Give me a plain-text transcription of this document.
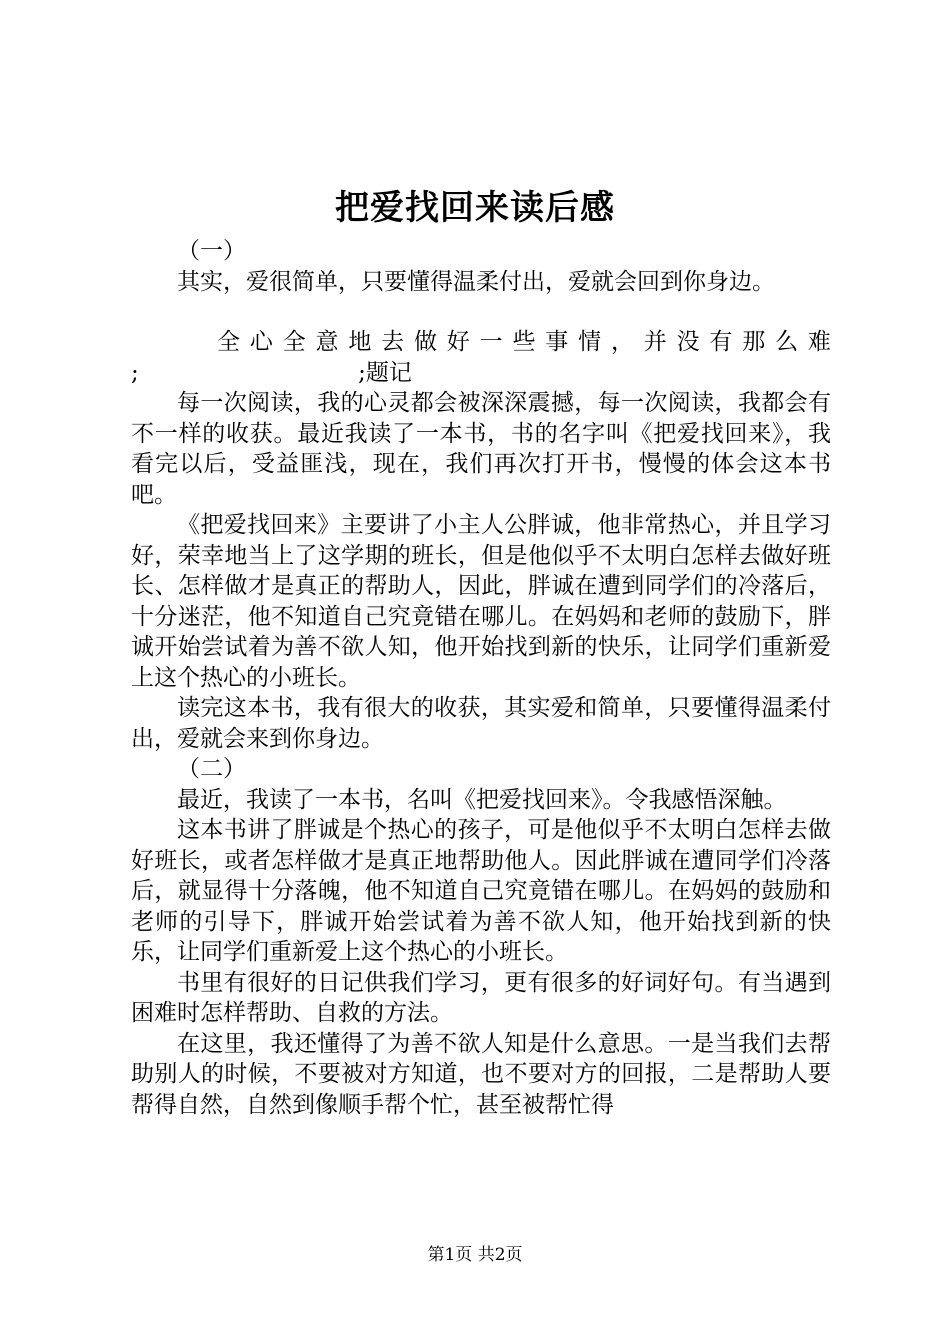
把爱找回来读后感

（一）

其实，爱很简单，只要懂得温柔付出，爱就会回到你身边。

全 心 全 意 地 去 做 好 一 些 事 情 ， 并 没 有 那 么 难

;                              ;题记

每一次阅读，我的心灵都会被深深震撼，每一次阅读，我都会有不一样的收获。最近我读了一本书，书的名字叫《把爱找回来》，我看完以后，受益匪浅，现在，我们再次打开书，慢慢的体会这本书吧。

《把爱找回来》主要讲了小主人公胖诚，他非常热心，并且学习好，荣幸地当上了这学期的班长，但是他似乎不太明白怎样去做好班长、怎样做才是真正的帮助人，因此，胖诚在遭到同学们的冷落后，十分迷茫，他不知道自己究竟错在哪儿。在妈妈和老师的鼓励下，胖诚开始尝试着为善不欲人知，他开始找到新的快乐，让同学们重新爱上这个热心的小班长。

读完这本书，我有很大的收获，其实爱和简单，只要懂得温柔付出，爱就会来到你身边。

（二）

最近，我读了一本书，名叫《把爱找回来》。令我感悟深触。

这本书讲了胖诚是个热心的孩子，可是他似乎不太明白怎样去做好班长，或者怎样做才是真正地帮助他人。因此胖诚在遭同学们冷落后，就显得十分落魄，他不知道自己究竟错在哪儿。在妈妈的鼓励和老师的引导下，胖诚开始尝试着为善不欲人知，他开始找到新的快乐，让同学们重新爱上这个热心的小班长。

书里有很好的日记供我们学习，更有很多的好词好句。有当遇到困难时怎样帮助、自救的方法。

在这里，我还懂得了为善不欲人知是什么意思。一是当我们去帮助别人的时候，不要被对方知道，也不要对方的回报，二是帮助人要帮得自然，自然到像顺手帮个忙，甚至被帮忙得

第1页 共2页
